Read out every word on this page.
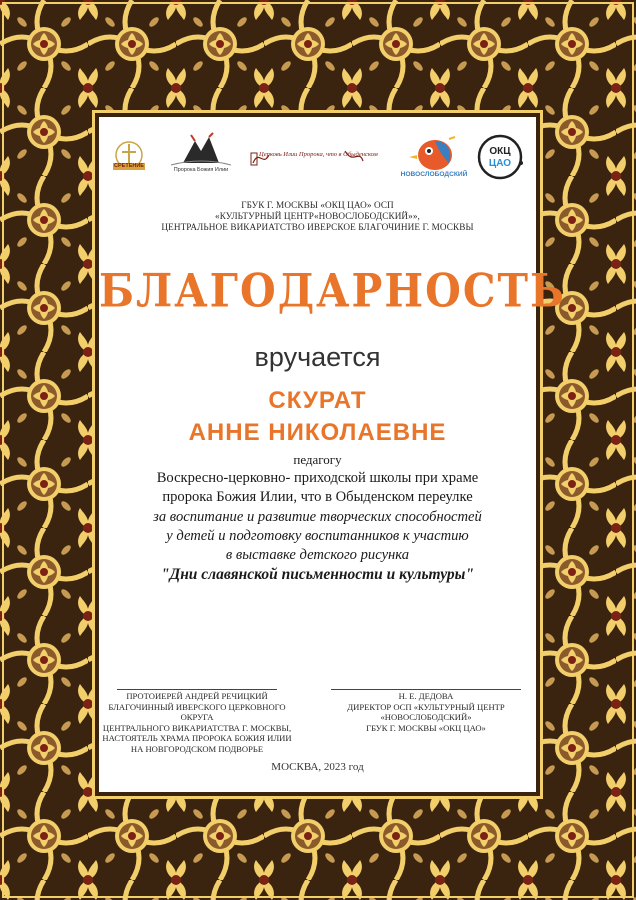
СРЕТЕНИЕ
Пророка Божия Илии
Церковь Илии Пророка, что в Обыденском
НОВОСЛОБОДСКИЙ
ОКЦ
ЦАО
ГБУК Г. МОСКВЫ «ОКЦ ЦАО» ОСП
«КУЛЬТУРНЫЙ ЦЕНТР«НОВОСЛОБОДСКИЙ»»,
ЦЕНТРАЛЬНОЕ ВИКАРИАТСТВО ИВЕРСКОЕ БЛАГОЧИНИЕ Г. МОСКВЫ
БЛАГОДАРНОСТЬ
вручается
СКУРАТ
АННЕ НИКОЛАЕВНЕ
педагогу
Воскресно-церковно- приходской школы при храме
пророка Божия Илии, что в Обыденском переулке
за воспитание и развитие творческих способностей
у детей и подготовку воспитанников к участию
в выставке детского рисунка
"Дни славянской письменности и культуры"
ПРОТОИЕРЕЙ АНДРЕЙ РЕЧИЦКИЙ
БЛАГОЧИННЫЙ ИВЕРСКОГО ЦЕРКОВНОГО ОКРУГА
ЦЕНТРАЛЬНОГО ВИКАРИАТСТВА Г. МОСКВЫ,
НАСТОЯТЕЛЬ ХРАМА ПРОРОКА БОЖИЯ ИЛИИ
НА НОВГОРОДСКОМ ПОДВОРЬЕ
Н. Е. ДЕДОВА
ДИРЕКТОР ОСП «КУЛЬТУРНЫЙ ЦЕНТР
«НОВОСЛОБОДСКИЙ»
ГБУК Г. МОСКВЫ «ОКЦ ЦАО»
МОСКВА, 2023 год
